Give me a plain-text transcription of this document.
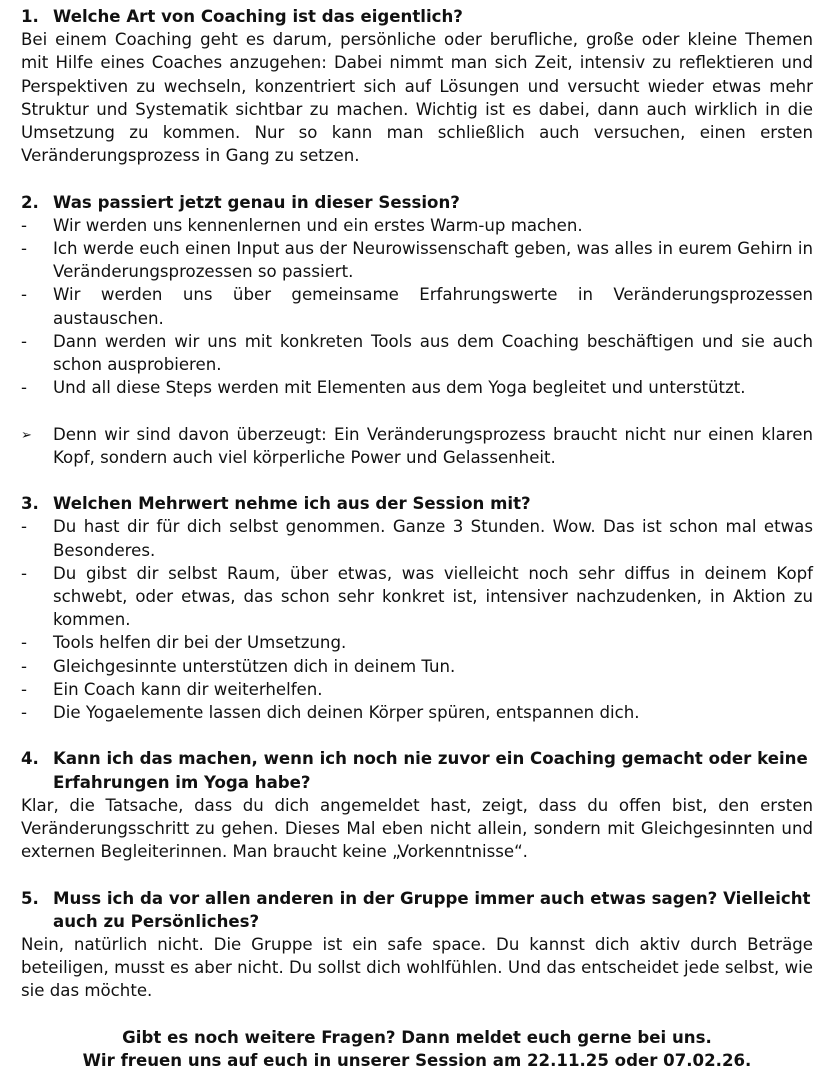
1. Welche Art von Coaching ist das eigentlich?

Bei einem Coaching geht es darum, persönliche oder berufliche, große oder kleine Themen mit Hilfe eines Coaches anzugehen: Dabei nimmt man sich Zeit, intensiv zu reflektieren und Perspektiven zu wechseln, konzentriert sich auf Lösungen und versucht wieder etwas mehr Struktur und Systematik sichtbar zu machen. Wichtig ist es dabei, dann auch wirklich in die Umsetzung zu kommen. Nur so kann man schließlich auch versuchen, einen ersten Veränderungsprozess in Gang zu setzen.

2. Was passiert jetzt genau in dieser Session?
-	Wir werden uns kennenlernen und ein erstes Warm-up machen.
-	Ich werde euch einen Input aus der Neurowissenschaft geben, was alles in eurem Gehirn in Veränderungsprozessen so passiert.
-	Wir werden uns über gemeinsame Erfahrungswerte in Veränderungsprozessen austauschen.
-	Dann werden wir uns mit konkreten Tools aus dem Coaching beschäftigen und sie auch schon ausprobieren.
-	Und all diese Steps werden mit Elementen aus dem Yoga begleitet und unterstützt.

➢	Denn wir sind davon überzeugt: Ein Veränderungsprozess braucht nicht nur einen klaren Kopf, sondern auch viel körperliche Power und Gelassenheit.

3. Welchen Mehrwert nehme ich aus der Session mit?
-	Du hast dir für dich selbst genommen. Ganze 3 Stunden. Wow. Das ist schon mal etwas Besonderes.
-	Du gibst dir selbst Raum, über etwas, was vielleicht noch sehr diffus in deinem Kopf schwebt, oder etwas, das schon sehr konkret ist, intensiver nachzudenken, in Aktion zu kommen.
-	Tools helfen dir bei der Umsetzung.
-	Gleichgesinnte unterstützen dich in deinem Tun.
-	Ein Coach kann dir weiterhelfen.
-	Die Yogaelemente lassen dich deinen Körper spüren, entspannen dich.
4. Kann ich das machen, wenn ich noch nie zuvor ein Coaching gemacht oder keine Erfahrungen im Yoga habe?

Klar, die Tatsache, dass du dich angemeldet hast, zeigt, dass du offen bist, den ersten Veränderungsschritt zu gehen. Dieses Mal eben nicht allein, sondern mit Gleichgesinnten und externen Begleiterinnen. Man braucht keine „Vorkenntnisse“.

5. Muss ich da vor allen anderen in der Gruppe immer auch etwas sagen? Vielleicht auch zu Persönliches?

Nein, natürlich nicht. Die Gruppe ist ein safe space. Du kannst dich aktiv durch Beträge beteiligen, musst es aber nicht. Du sollst dich wohlfühlen. Und das entscheidet jede selbst, wie sie das möchte.

Gibt es noch weitere Fragen? Dann meldet euch gerne bei uns.

Wir freuen uns auf euch in unserer Session am 22.11.25 oder 07.02.26.
